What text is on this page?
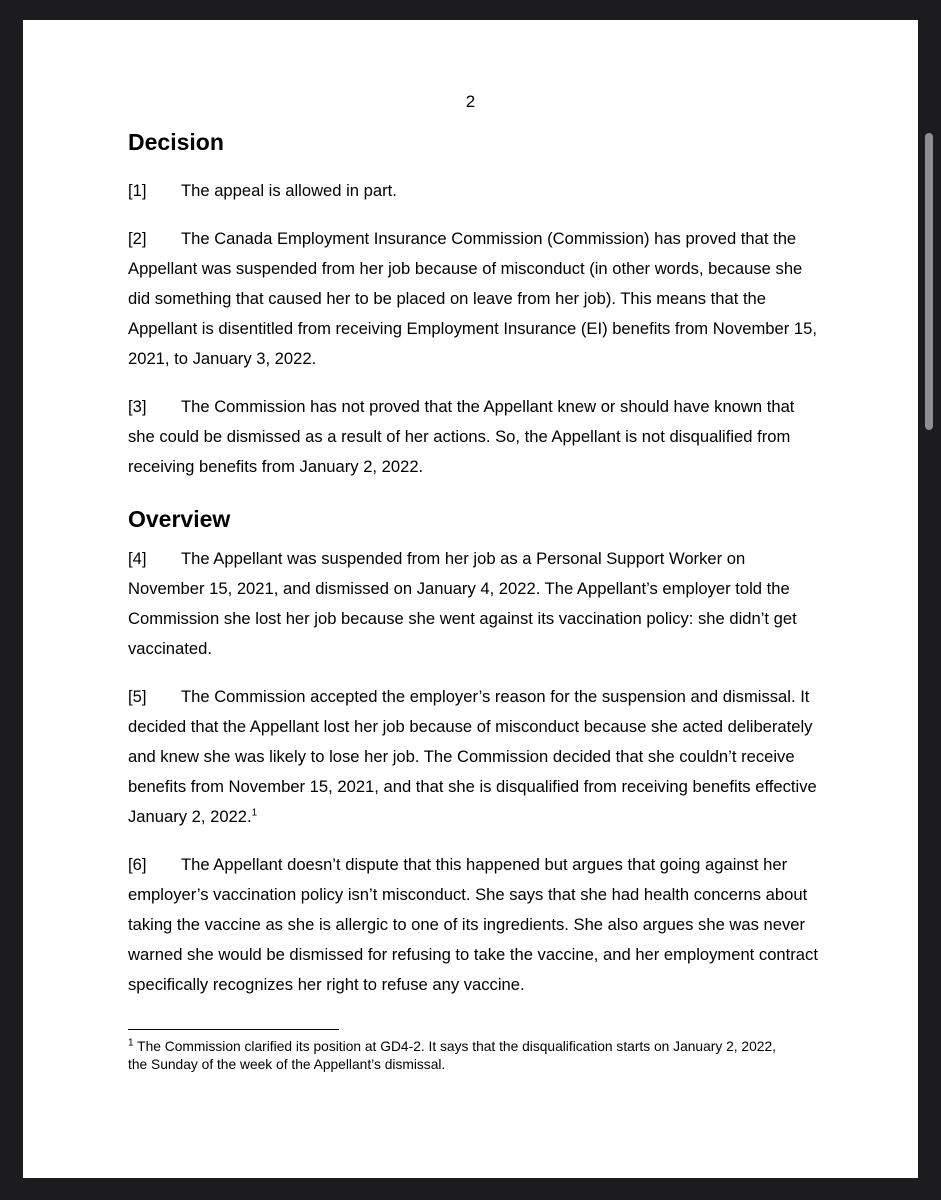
2
Decision

[1] The appeal is allowed in part.

[2] The Canada Employment Insurance Commission (Commission) has proved that the Appellant was suspended from her job because of misconduct (in other words, because she did something that caused her to be placed on leave from her job). This means that the Appellant is disentitled from receiving Employment Insurance (EI) benefits from November 15, 2021, to January 3, 2022.

[3] The Commission has not proved that the Appellant knew or should have known that she could be dismissed as a result of her actions. So, the Appellant is not disqualified from receiving benefits from January 2, 2022.

Overview

[4] The Appellant was suspended from her job as a Personal Support Worker on November 15, 2021, and dismissed on January 4, 2022. The Appellant’s employer told the Commission she lost her job because she went against its vaccination policy: she didn’t get vaccinated.

[5] The Commission accepted the employer’s reason for the suspension and dismissal. It decided that the Appellant lost her job because of misconduct because she acted deliberately and knew she was likely to lose her job. The Commission decided that she couldn’t receive benefits from November 15, 2021, and that she is disqualified from receiving benefits effective January 2, 2022.$^1$

[6] The Appellant doesn’t dispute that this happened but argues that going against her employer’s vaccination policy isn’t misconduct. She says that she had health concerns about taking the vaccine as she is allergic to one of its ingredients. She also argues she was never warned she would be dismissed for refusing to take the vaccine, and her employment contract specifically recognizes her right to refuse any vaccine.

$^1$ The Commission clarified its position at GD4-2. It says that the disqualification starts on January 2, 2022, the Sunday of the week of the Appellant’s dismissal.
